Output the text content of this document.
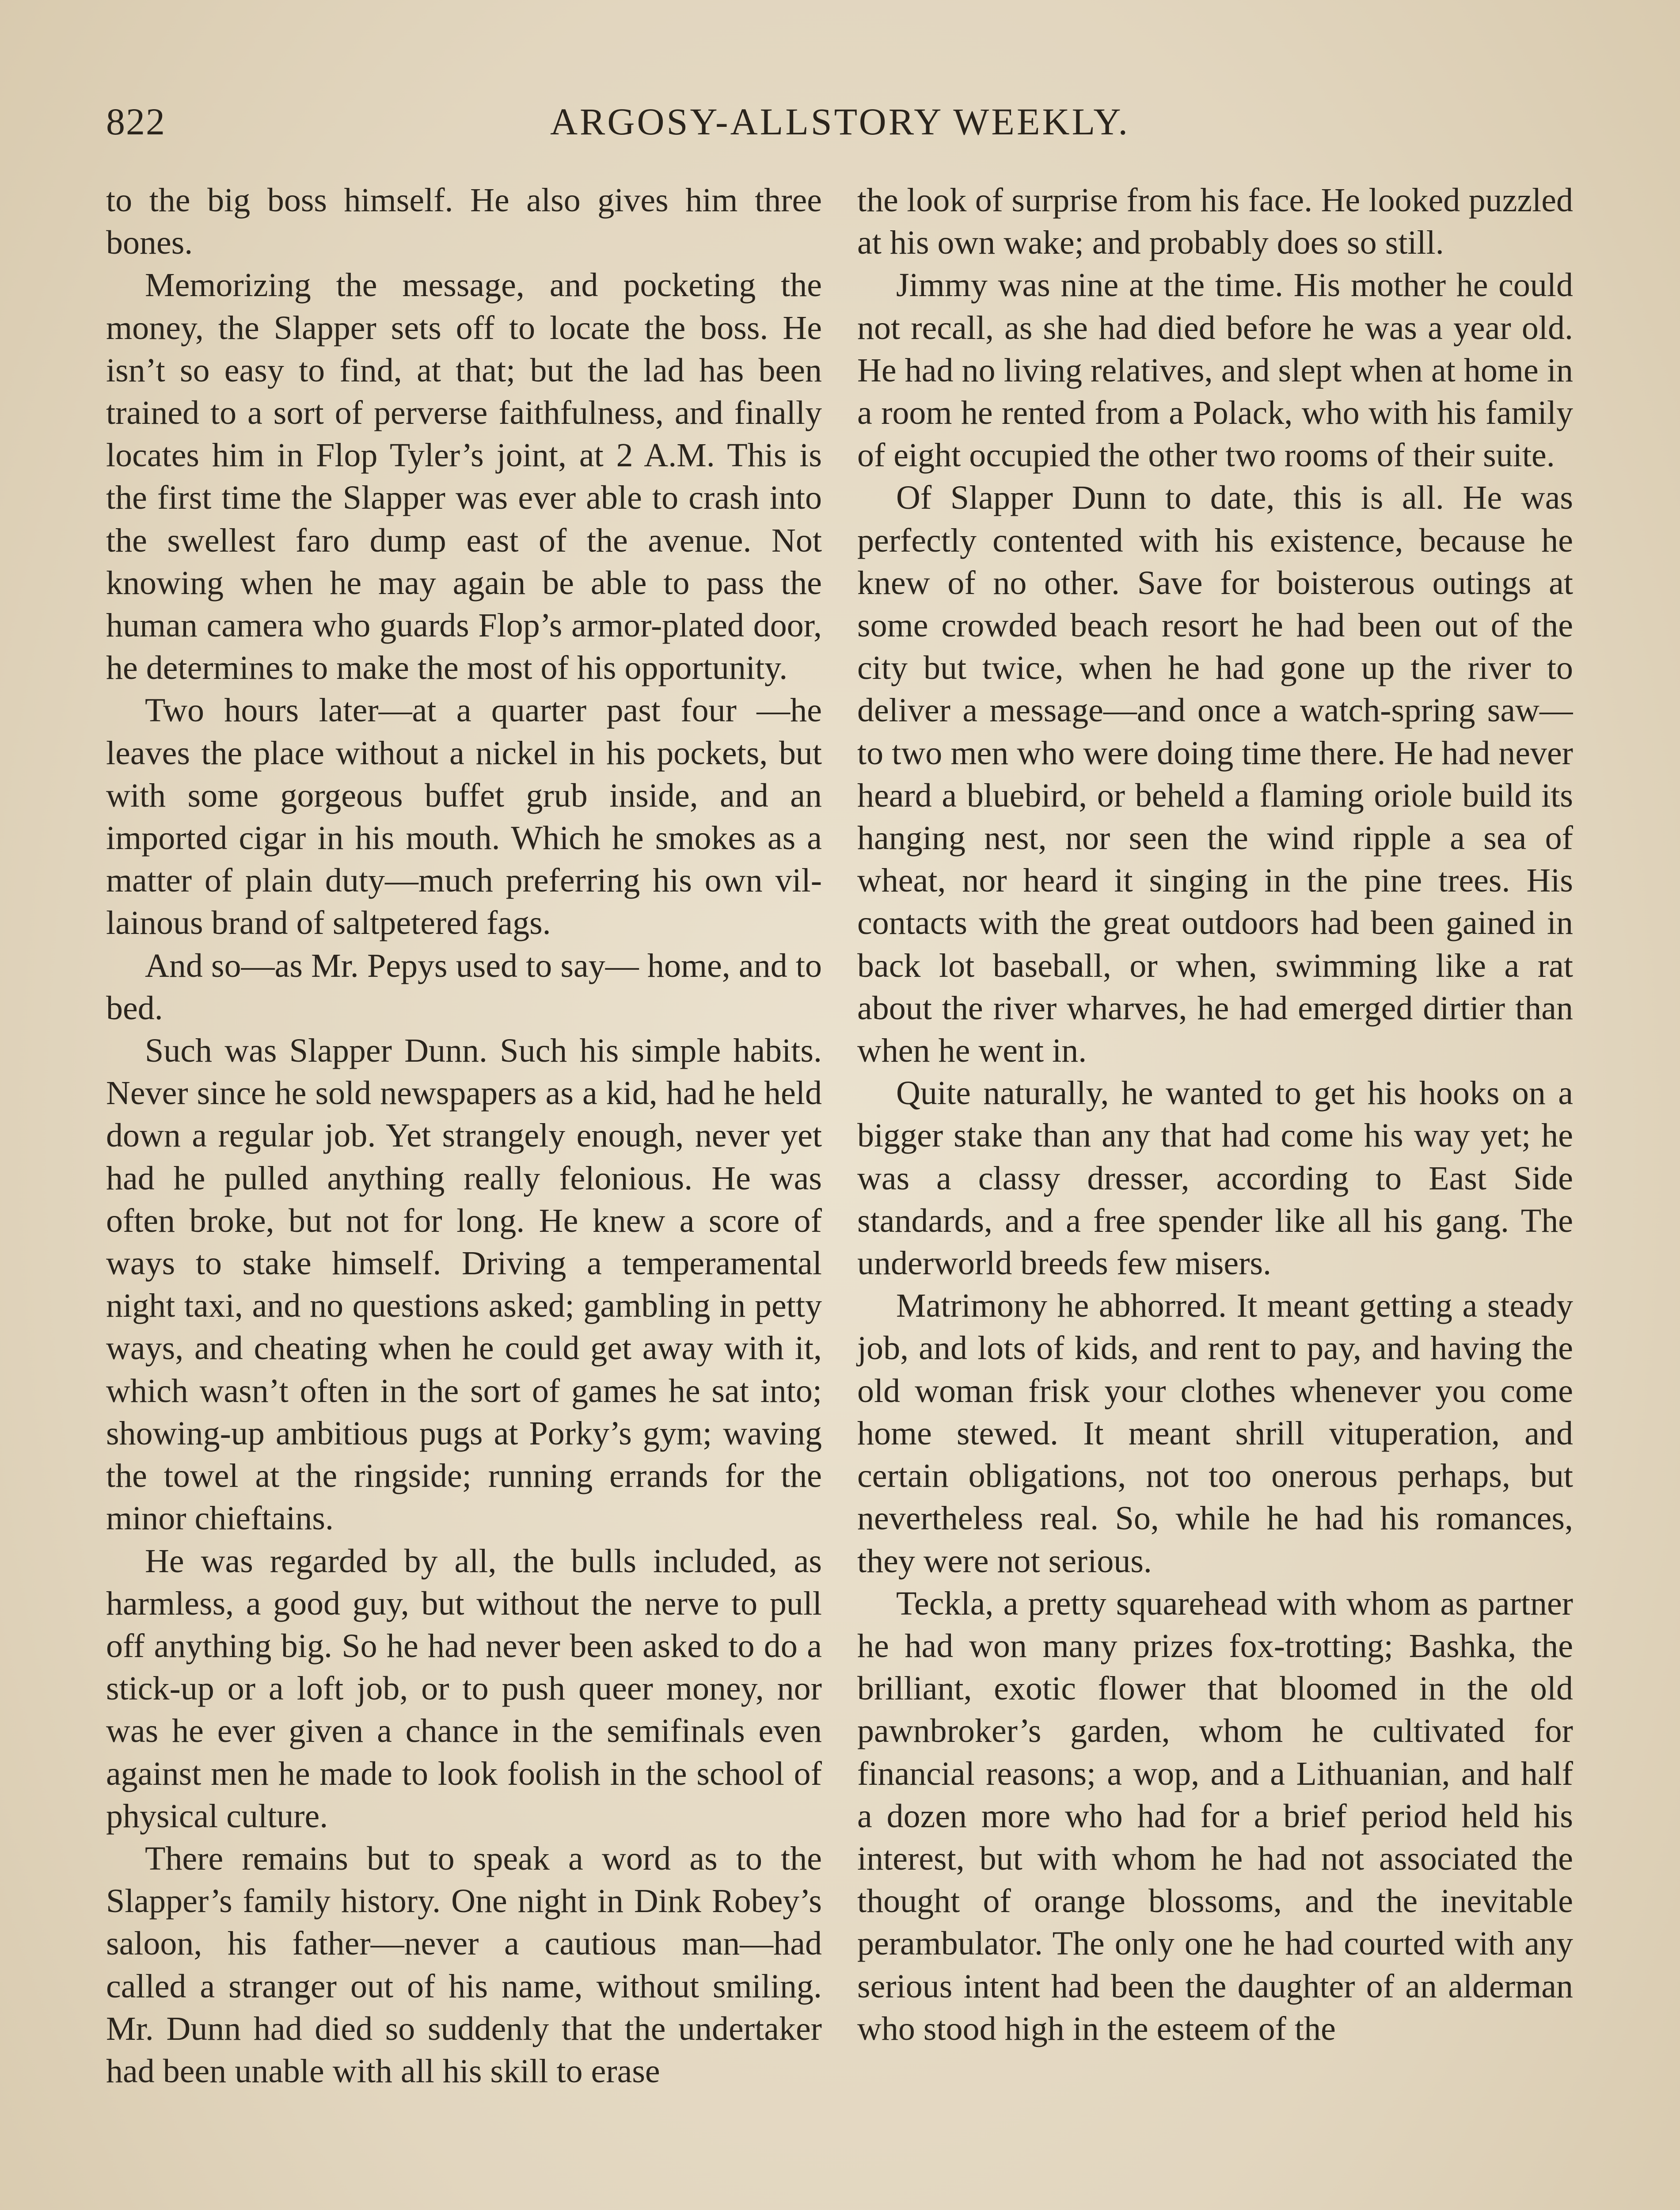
822	ARGOSY-ALLSTORY WEEKLY.

to the big boss himself. He also gives him three bones.

Memorizing the message, and pocketing the money, the Slapper sets off to locate the boss. He isn’t so easy to find, at that; but the lad has been trained to a sort of perverse faithfulness, and finally locates him in Flop Tyler’s joint, at 2 A.M. This is the first time the Slapper was ever able to crash into the swellest faro dump east of the avenue. Not knowing when he may again be able to pass the human camera who guards Flop’s armor-plated door, he determines to make the most of his opportunity.

Two hours later—at a quarter past four —he leaves the place without a nickel in his pockets, but with some gorgeous buffet grub inside, and an imported cigar in his mouth. Which he smokes as a matter of plain duty—much preferring his own villainous brand of saltpetered fags.

And so—as Mr. Pepys used to say— home, and to bed.

Such was Slapper Dunn. Such his simple habits. Never since he sold newspapers as a kid, had he held down a regular job. Yet strangely enough, never yet had he pulled anything really felonious. He was often broke, but not for long. He knew a score of ways to stake himself. Driving a temperamental night taxi, and no questions asked; gambling in petty ways, and cheating when he could get away with it, which wasn’t often in the sort of games he sat into; showing-up ambitious pugs at Porky’s gym; waving the towel at the ringside; running errands for the minor chieftains.

He was regarded by all, the bulls included, as harmless, a good guy, but without the nerve to pull off anything big. So he had never been asked to do a stick-up or a loft job, or to push queer money, nor was he ever given a chance in the semifinals even against men he made to look foolish in the school of physical culture.

There remains but to speak a word as to the Slapper’s family history. One night in Dink Robey’s saloon, his father—never a cautious man—had called a stranger out of his name, without smiling. Mr. Dunn had died so suddenly that the undertaker had been unable with all his skill to erase

the look of surprise from his face. He looked puzzled at his own wake; and probably does so still.

Jimmy was nine at the time. His mother he could not recall, as she had died before he was a year old. He had no living relatives, and slept when at home in a room he rented from a Polack, who with his family of eight occupied the other two rooms of their suite.

Of Slapper Dunn to date, this is all. He was perfectly contented with his existence, because he knew of no other. Save for boisterous outings at some crowded beach resort he had been out of the city but twice, when he had gone up the river to deliver a message—and once a watch-spring saw— to two men who were doing time there. He had never heard a bluebird, or beheld a flaming oriole build its hanging nest, nor seen the wind ripple a sea of wheat, nor heard it singing in the pine trees. His contacts with the great outdoors had been gained in back lot baseball, or when, swimming like a rat about the river wharves, he had emerged dirtier than when he went in.

Quite naturally, he wanted to get his hooks on a bigger stake than any that had come his way yet; he was a classy dresser, according to East Side standards, and a free spender like all his gang. The underworld breeds few misers.

Matrimony he abhorred. It meant getting a steady job, and lots of kids, and rent to pay, and having the old woman frisk your clothes whenever you come home stewed. It meant shrill vituperation, and certain obligations, not too onerous perhaps, but nevertheless real. So, while he had his romances, they were not serious.

Teckla, a pretty squarehead with whom as partner he had won many prizes fox-trotting; Bashka, the brilliant, exotic flower that bloomed in the old pawnbroker’s garden, whom he cultivated for financial reasons; a wop, and a Lithuanian, and half a dozen more who had for a brief period held his interest, but with whom he had not associated the thought of orange blossoms, and the inevitable perambulator. The only one he had courted with any serious intent had been the daughter of an alderman who stood high in the esteem of the
